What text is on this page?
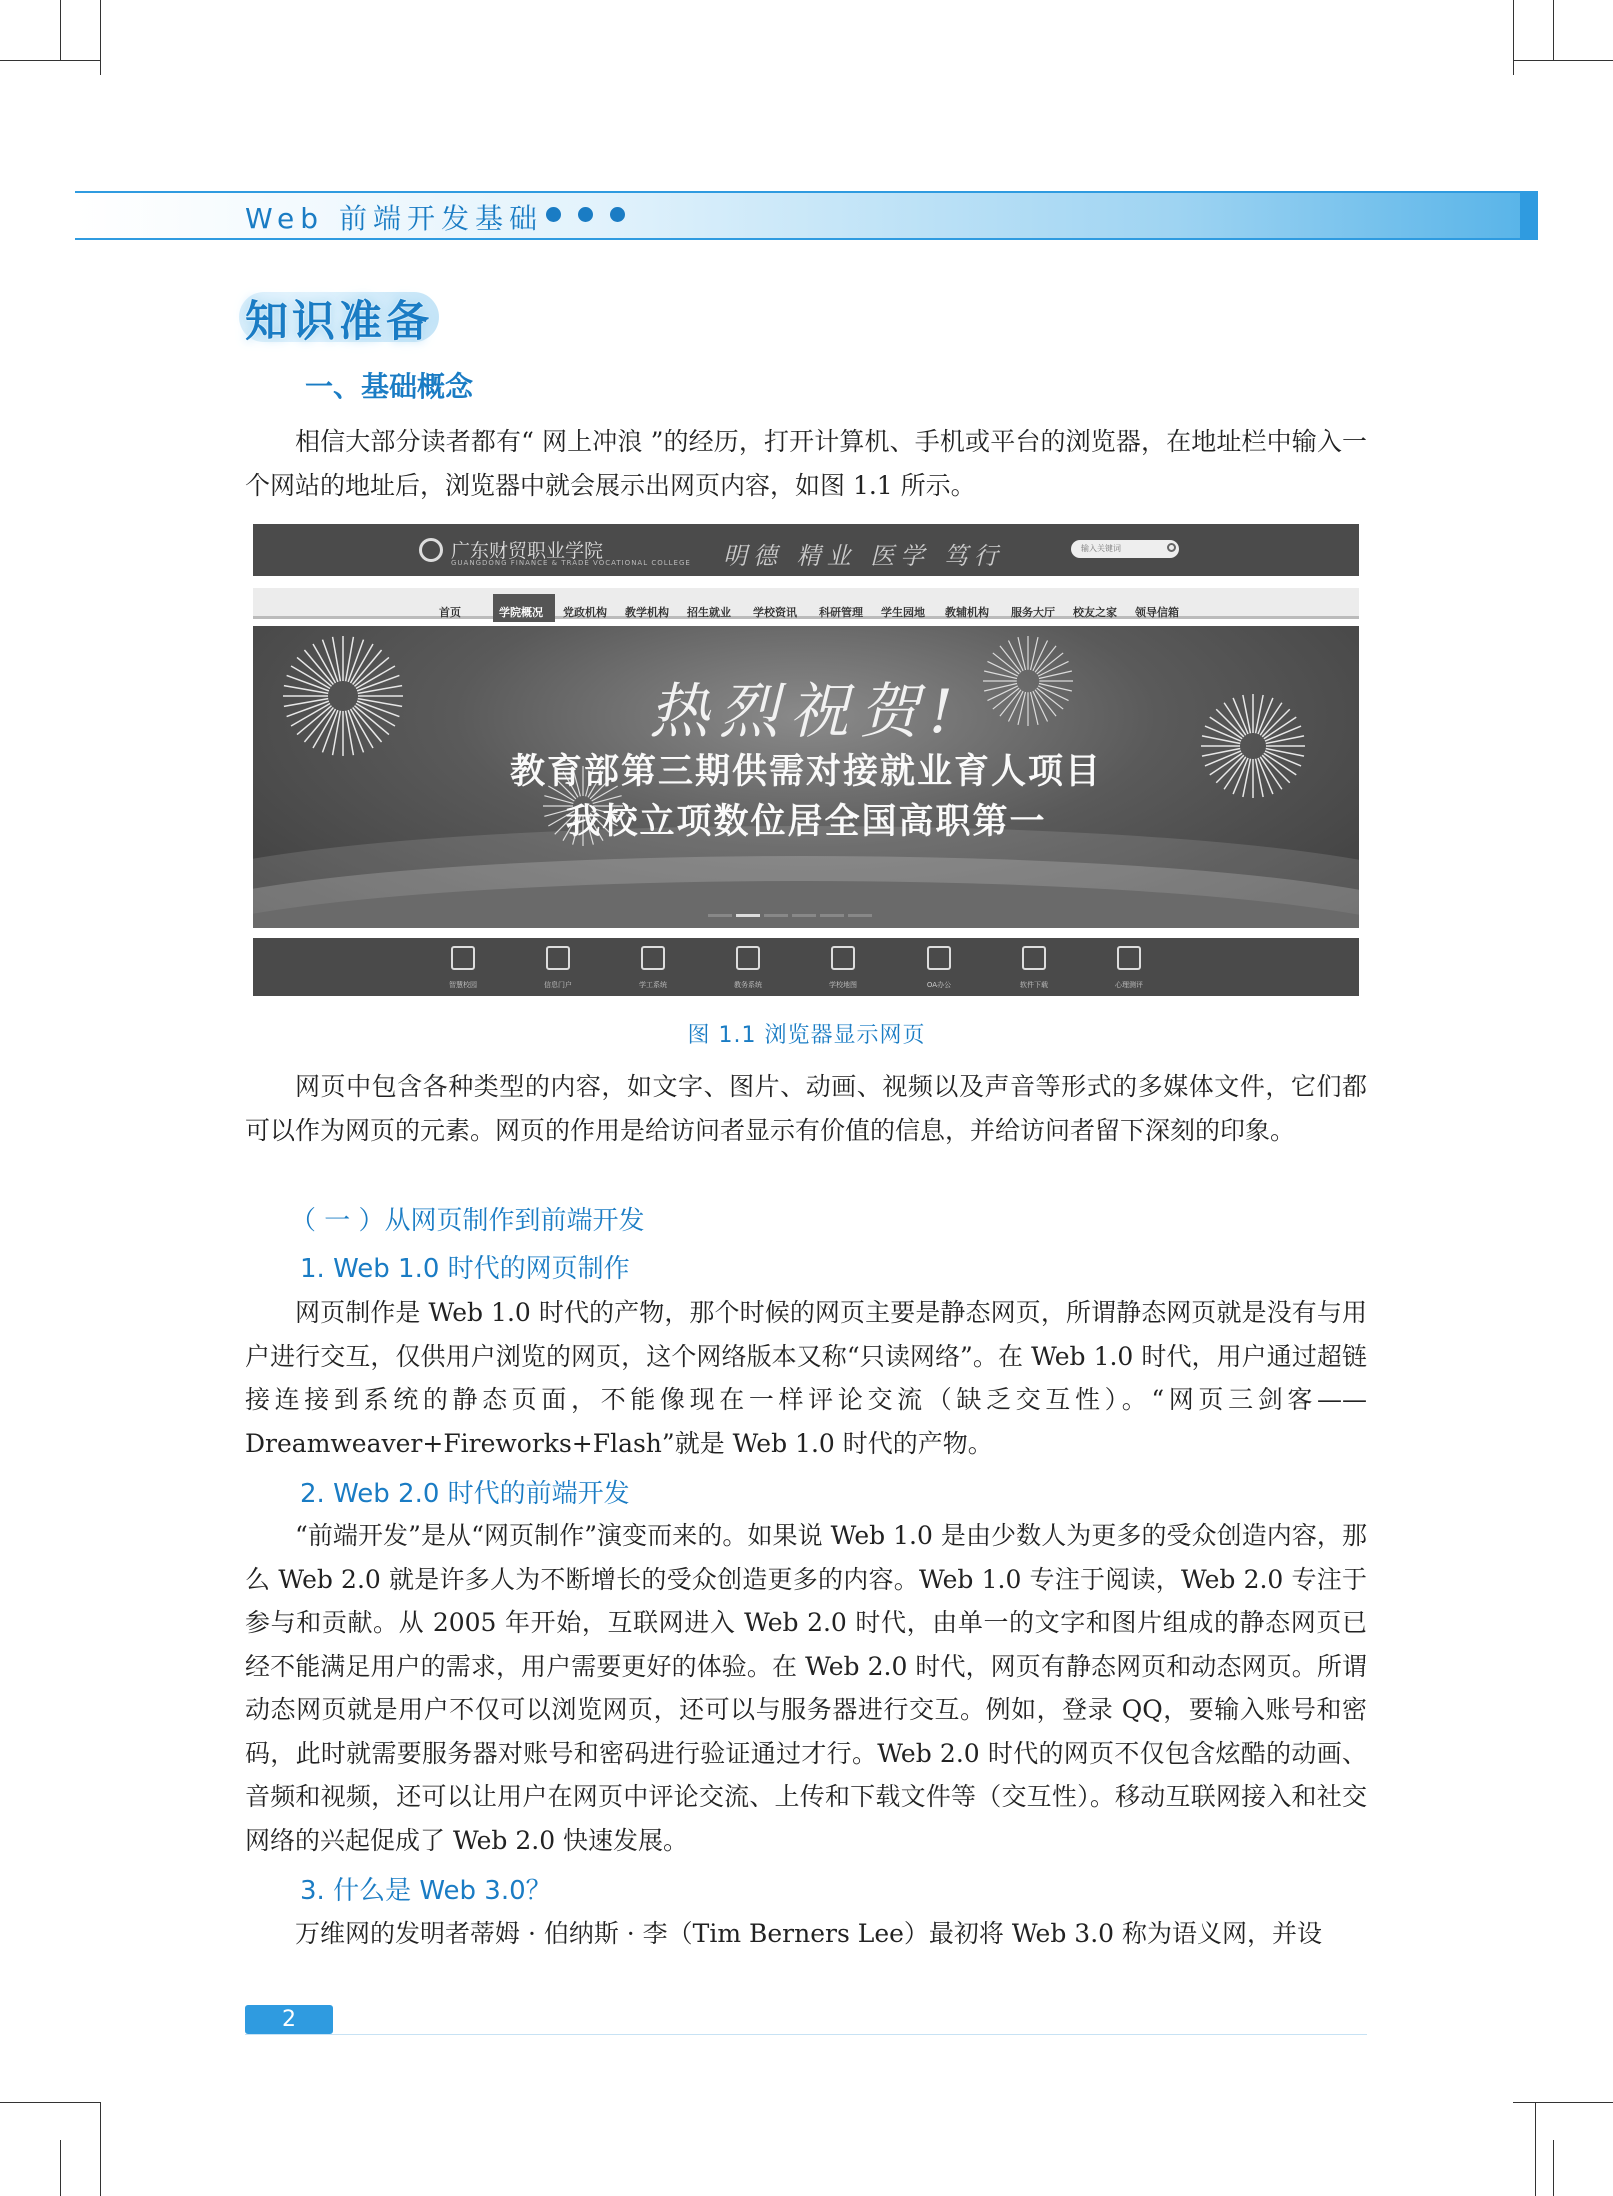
Web 前端开发基础
知识准备
一、基础概念

相信大部分读者都有“ 网上冲浪 ”的经历，打开计算机、手机或平台的浏览器，在地址栏中输入一个网站的地址后，浏览器中就会展示出网页内容，如图 1.1 所示。

广东财贸职业学院
GUANGDONG FINANCE & TRADE VOCATIONAL COLLEGE 明德 精业 医学 笃行	输入关键词
首页	学院概况 党政机构 教学机构 招生就业 学校资讯 科研管理 学生园地 教辅机构 服务大厅 校友之家 领导信箱
热烈祝贺!
教育部第三期供需对接就业育人项目
我校立项数位居全国高职第一
智慧校园	信息门户	学工系统	教务系统	学校地图	OA办公	软件下载	心理测评
图 1.1 浏览器显示网页

网页中包含各种类型的内容，如文字、图片、动画、视频以及声音等形式的多媒体文件，它们都可以作为网页的元素。网页的作用是给访问者显示有价值的信息，并给访问者留下深刻的印象。

（ 一 ）从网页制作到前端开发
1. Web 1.0 时代的网页制作

网页制作是 Web 1.0 时代的产物，那个时候的网页主要是静态网页，所谓静态网页就是没有与用户进行交互，仅供用户浏览的网页，这个网络版本又称“只读网络”。在 Web 1.0 时代，用户通过超链接连接到系统的静态页面，不能像现在一样评论交流（缺乏交互性）。“网页三剑客——Dreamweaver+Fireworks+Flash”就是 Web 1.0 时代的产物。

2. Web 2.0 时代的前端开发

“前端开发”是从“网页制作”演变而来的。如果说 Web 1.0 是由少数人为更多的受众创造内容，那么 Web 2.0 就是许多人为不断增长的受众创造更多的内容。Web 1.0 专注于阅读，Web 2.0 专注于参与和贡献。从 2005 年开始，互联网进入 Web 2.0 时代，由单一的文字和图片组成的静态网页已经不能满足用户的需求，用户需要更好的体验。在 Web 2.0 时代，网页有静态网页和动态网页。所谓动态网页就是用户不仅可以浏览网页，还可以与服务器进行交互。例如，登录 QQ，要输入账号和密码，此时就需要服务器对账号和密码进行验证通过才行。Web 2.0 时代的网页不仅包含炫酷的动画、音频和视频，还可以让用户在网页中评论交流、上传和下载文件等（交互性）。移动互联网接入和社交网络的兴起促成了 Web 2.0 快速发展。

3. 什么是 Web 3.0？

万维网的发明者蒂姆 · 伯纳斯 · 李（Tim Berners Lee）最初将 Web 3.0 称为语义网，并设

2
